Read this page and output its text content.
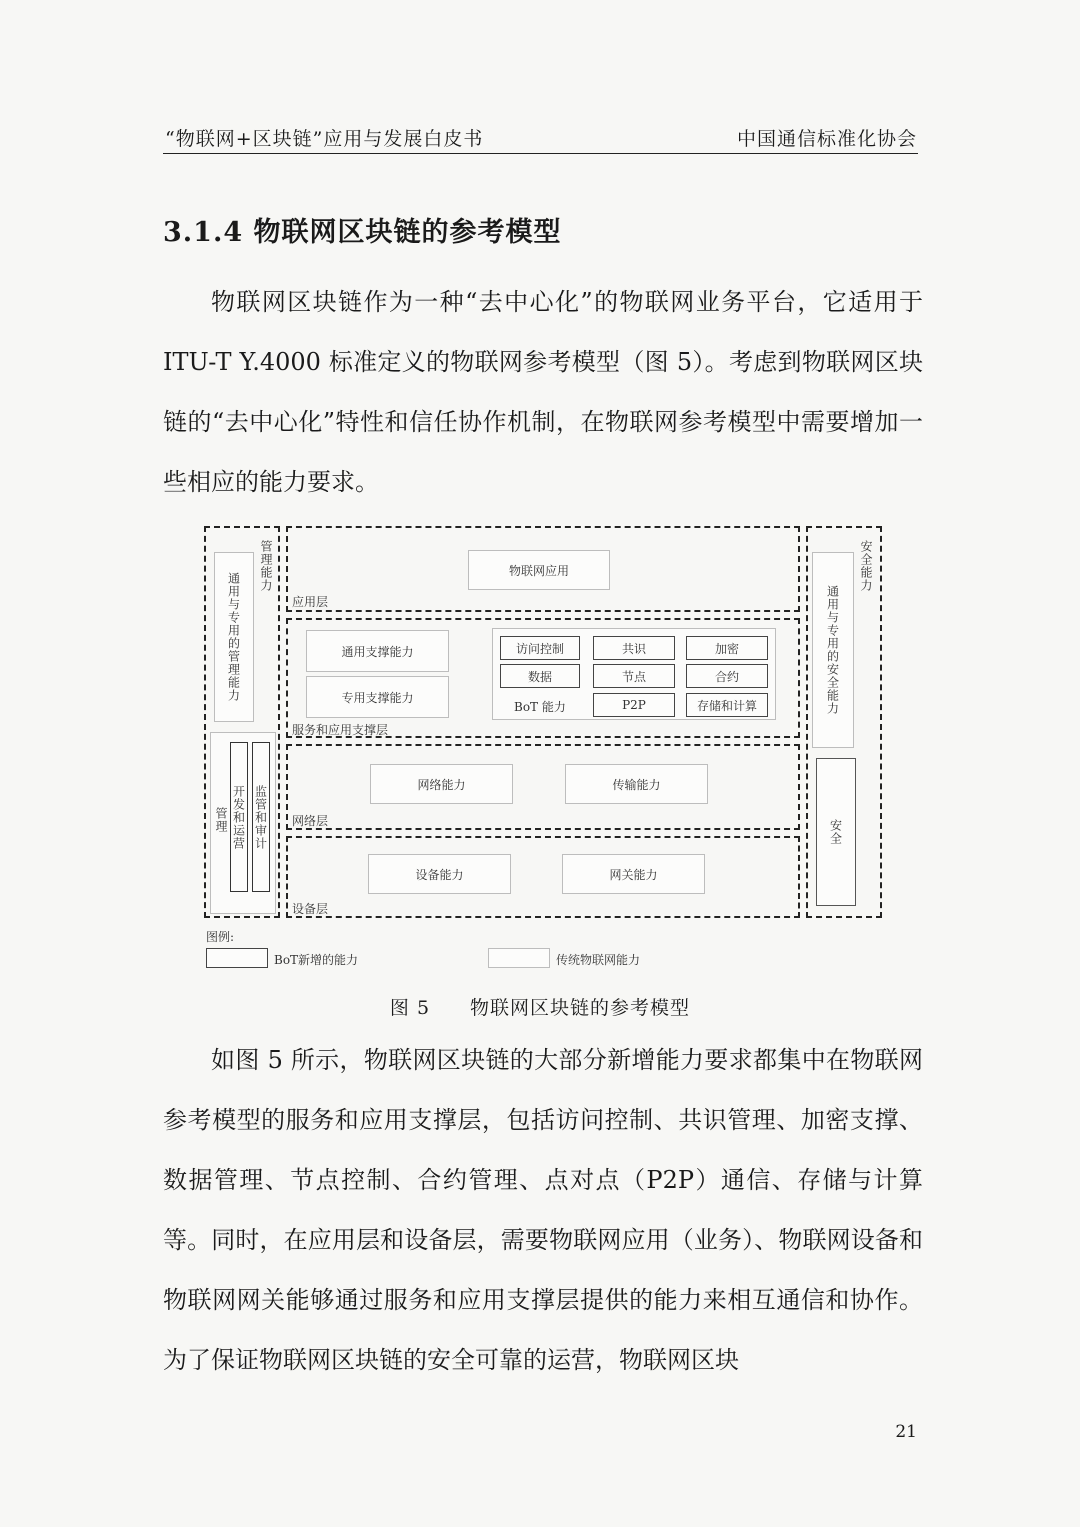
“物联网+区块链”应用与发展白皮书	中国通信标准化协会
3.1.4 物联网区块链的参考模型

物联网区块链作为一种“去中心化”的物联网业务平台，它适用于 ITU-T Y.4000 标准定义的物联网参考模型（图 5）。考虑到物联网区块链的“去中心化”特性和信任协作机制，在物联网参考模型中需要增加一些相应的能力要求。

管理能力
通用与专用的管理能力
管理 开发和运营 监管和审计
物联网应用
应用层
通用支撑能力
专用支撑能力
访问控制	共识	加密
数据	节点	合约
BoT 能力	P2P	存储和计算
服务和应用支撑层
网络能力	传输能力
网络层
设备能力	网关能力
设备层
安全能力
通用与专用的安全能力
安全
图例:
BoT新增的能力	传统物联网能力
图 5　　物联网区块链的参考模型

如图 5 所示，物联网区块链的大部分新增能力要求都集中在物联网参考模型的服务和应用支撑层，包括访问控制、共识管理、加密支撑、数据管理、节点控制、合约管理、点对点（P2P）通信、存储与计算等。同时，在应用层和设备层，需要物联网应用（业务）、物联网设备和物联网网关能够通过服务和应用支撑层提供的能力来相互通信和协作。为了保证物联网区块链的安全可靠的运营，物联网区块

21
